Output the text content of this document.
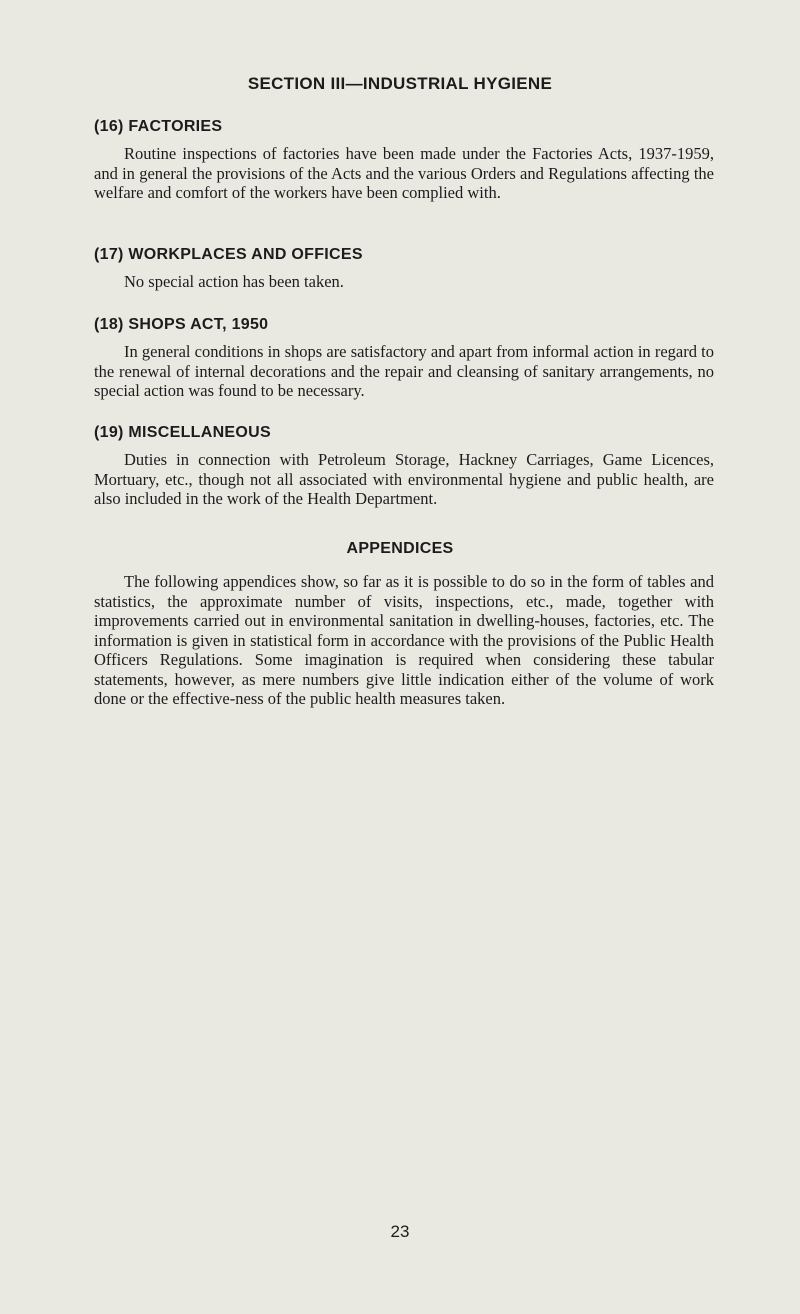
SECTION III—INDUSTRIAL HYGIENE
(16) FACTORIES

Routine inspections of factories have been made under the Factories Acts, 1937-1959, and in general the provisions of the Acts and the various Orders and Regulations affecting the welfare and comfort of the workers have been complied with.

(17) WORKPLACES AND OFFICES

No special action has been taken.

(18) SHOPS ACT, 1950

In general conditions in shops are satisfactory and apart from informal action in regard to the renewal of internal decorations and the repair and cleansing of sanitary arrangements, no special action was found to be necessary.

(19) MISCELLANEOUS

Duties in connection with Petroleum Storage, Hackney Carriages, Game Licences, Mortuary, etc., though not all associated with environmental hygiene and public health, are also included in the work of the Health Department.

APPENDICES

The following appendices show, so far as it is possible to do so in the form of tables and statistics, the approximate number of visits, inspections, etc., made, together with improvements carried out in environmental sanitation in dwelling-houses, factories, etc. The information is given in statistical form in accordance with the provisions of the Public Health Officers Regulations. Some imagination is required when considering these tabular statements, however, as mere numbers give little indication either of the volume of work done or the effective-ness of the public health measures taken.

23
